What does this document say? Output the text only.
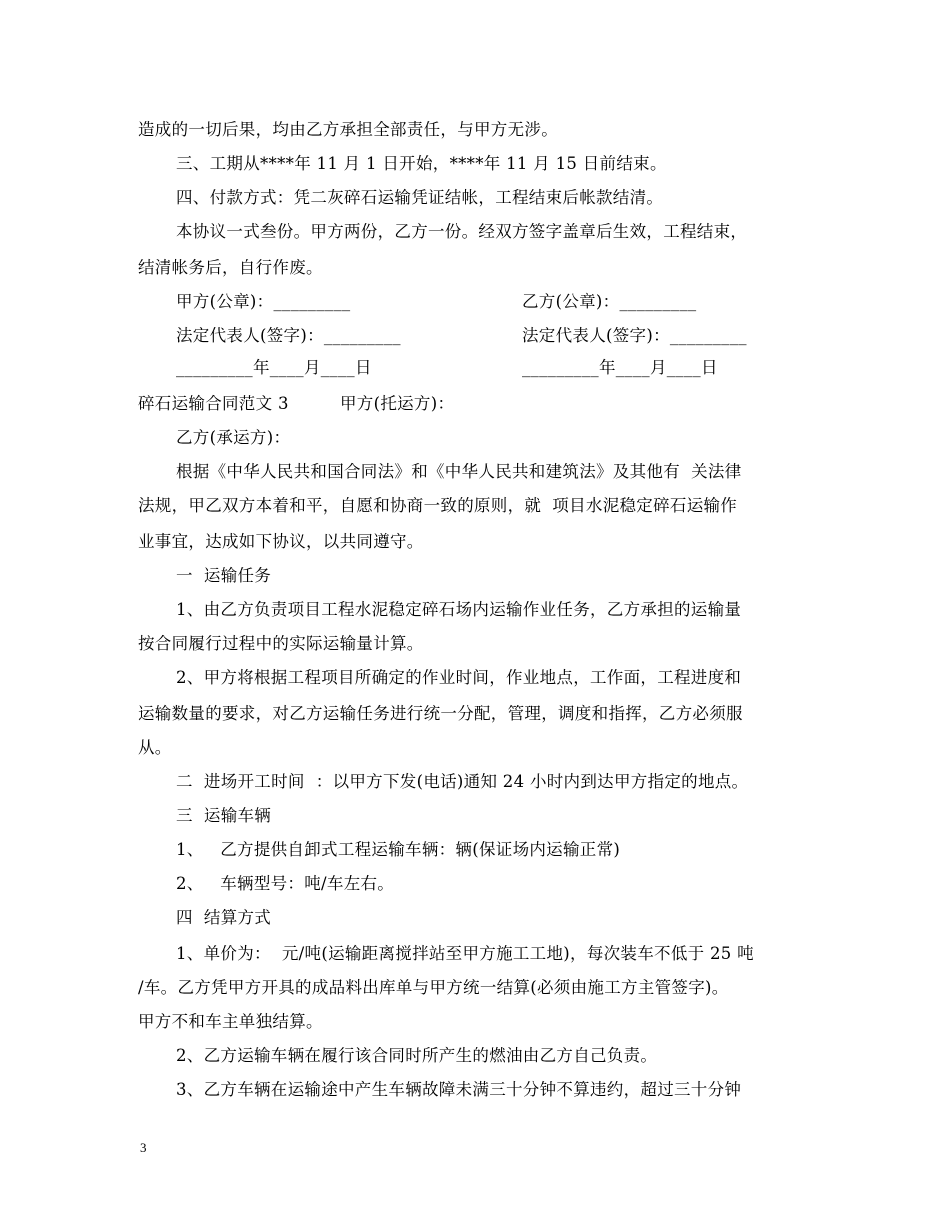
造成的一切后果，均由乙方承担全部责任，与甲方无涉。
三、工期从****年 11 月 1 日开始，****年 11 月 15 日前结束。
四、付款方式：凭二灰碎石运输凭证结帐，工程结束后帐款结清。
本协议一式叁份。甲方两份，乙方一份。经双方签字盖章后生效，工程结束，
结清帐务后，自行作废。
甲方(公章)：_________	乙方(公章)：_________
法定代表人(签字)：_________	法定代表人(签字)：_________
_________年____月____日	_________年____月____日
碎石运输合同范文 3	甲方(托运方)：
乙方(承运方)：
根据《中华人民共和国合同法》和《中华人民共和建筑法》及其他有  关法律
法规，甲乙双方本着和平，自愿和协商一致的原则，就  项目水泥稳定碎石运输作
业事宜，达成如下协议，以共同遵守。
一  运输任务
1、由乙方负责项目工程水泥稳定碎石场内运输作业任务，乙方承担的运输量
按合同履行过程中的实际运输量计算。
2、甲方将根据工程项目所确定的作业时间，作业地点，工作面，工程进度和
运输数量的要求，对乙方运输任务进行统一分配，管理，调度和指挥，乙方必须服
从。
二  进场开工时间  ：以甲方下发(电话)通知 24 小时内到达甲方指定的地点。
三  运输车辆
1、   乙方提供自卸式工程运输车辆：辆(保证场内运输正常)
2、   车辆型号：吨/车左右。
四  结算方式
1、单价为：  元/吨(运输距离搅拌站至甲方施工工地)，每次装车不低于 25 吨
/车。乙方凭甲方开具的成品料出库单与甲方统一结算(必须由施工方主管签字)。
甲方不和车主单独结算。
2、乙方运输车辆在履行该合同时所产生的燃油由乙方自己负责。
3、乙方车辆在运输途中产生车辆故障未满三十分钟不算违约，超过三十分钟
3
